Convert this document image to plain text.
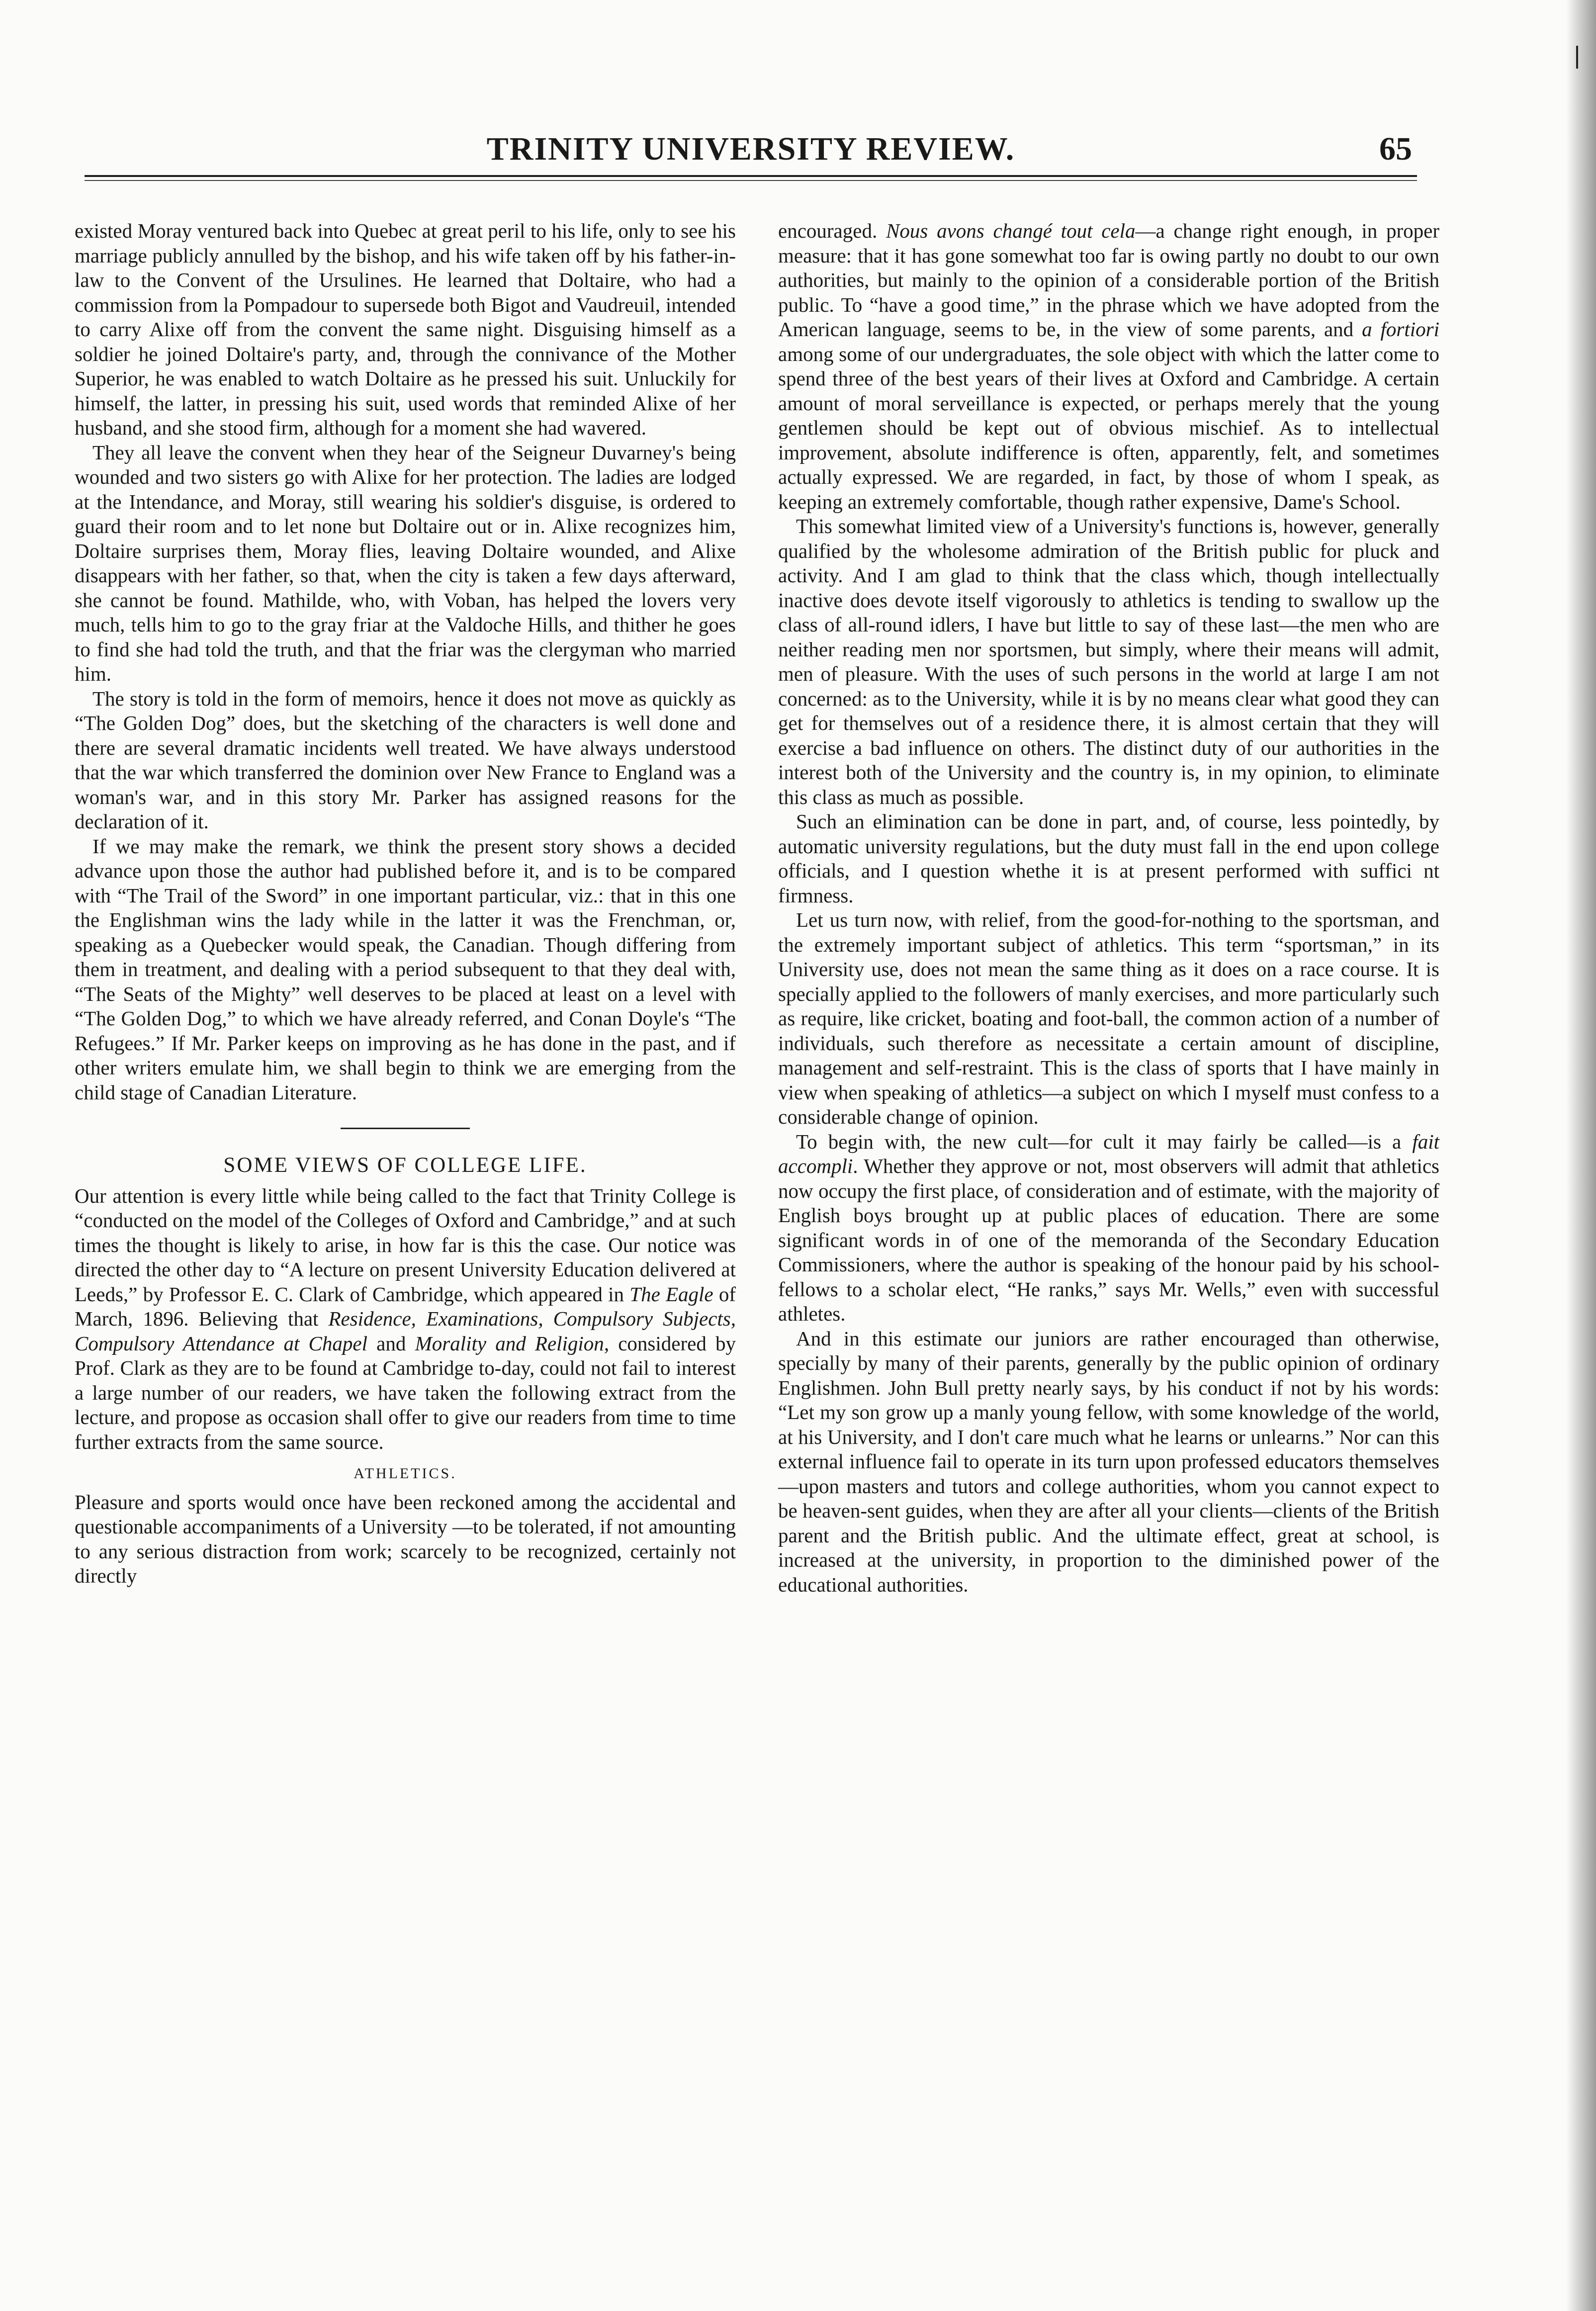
TRINITY UNIVERSITY REVIEW.	65

existed Moray ventured back into Quebec at great peril to his life, only to see his marriage publicly annulled by the bishop, and his wife taken off by his father-in-law to the Convent of the Ursulines. He learned that Doltaire, who had a commission from la Pompadour to supersede both Bigot and Vaudreuil, intended to carry Alixe off from the convent the same night. Disguising himself as a soldier he joined Doltaire's party, and, through the connivance of the Mother Superior, he was enabled to watch Doltaire as he pressed his suit. Unluckily for himself, the latter, in pressing his suit, used words that reminded Alixe of her husband, and she stood firm, although for a moment she had wavered.

They all leave the convent when they hear of the Seigneur Duvarney's being wounded and two sisters go with Alixe for her protection. The ladies are lodged at the Intendance, and Moray, still wearing his soldier's disguise, is ordered to guard their room and to let none but Doltaire out or in. Alixe recognizes him, Doltaire surprises them, Moray flies, leaving Doltaire wounded, and Alixe disappears with her father, so that, when the city is taken a few days afterward, she cannot be found. Mathilde, who, with Voban, has helped the lovers very much, tells him to go to the gray friar at the Valdoche Hills, and thither he goes to find she had told the truth, and that the friar was the clergyman who married him.

The story is told in the form of memoirs, hence it does not move as quickly as “The Golden Dog” does, but the sketching of the characters is well done and there are several dramatic incidents well treated. We have always understood that the war which transferred the dominion over New France to England was a woman's war, and in this story Mr. Parker has assigned reasons for the declaration of it.

If we may make the remark, we think the present story shows a decided advance upon those the author had published before it, and is to be compared with “The Trail of the Sword” in one important particular, viz.: that in this one the Englishman wins the lady while in the latter it was the Frenchman, or, speaking as a Quebecker would speak, the Canadian. Though differing from them in treatment, and dealing with a period subsequent to that they deal with, “The Seats of the Mighty” well deserves to be placed at least on a level with “The Golden Dog,” to which we have already referred, and Conan Doyle's “The Refugees.” If Mr. Parker keeps on improving as he has done in the past, and if other writers emulate him, we shall begin to think we are emerging from the child stage of Canadian Literature.

SOME VIEWS OF COLLEGE LIFE.

Our attention is every little while being called to the fact that Trinity College is “conducted on the model of the Colleges of Oxford and Cambridge,” and at such times the thought is likely to arise, in how far is this the case. Our notice was directed the other day to “A lecture on present University Education delivered at Leeds,” by Professor E. C. Clark of Cambridge, which appeared in The Eagle of March, 1896. Believing that Residence, Examinations, Compulsory Subjects, Compulsory Attendance at Chapel and Morality and Religion, considered by Prof. Clark as they are to be found at Cambridge to-day, could not fail to interest a large number of our readers, we have taken the following extract from the lecture, and propose as occasion shall offer to give our readers from time to time further extracts from the same source.

ATHLETICS.

Pleasure and sports would once have been reckoned among the accidental and questionable accompaniments of a University —to be tolerated, if not amounting to any serious distraction from work; scarcely to be recognized, certainly not directly

encouraged. Nous avons changé tout cela—a change right enough, in proper measure: that it has gone somewhat too far is owing partly no doubt to our own authorities, but mainly to the opinion of a considerable portion of the British public. To “have a good time,” in the phrase which we have adopted from the American language, seems to be, in the view of some parents, and a fortiori among some of our undergraduates, the sole object with which the latter come to spend three of the best years of their lives at Oxford and Cambridge. A certain amount of moral serveillance is expected, or perhaps merely that the young gentlemen should be kept out of obvious mischief. As to intellectual improvement, absolute indifference is often, apparently, felt, and sometimes actually expressed. We are regarded, in fact, by those of whom I speak, as keeping an extremely comfortable, though rather expensive, Dame's School.

This somewhat limited view of a University's functions is, however, generally qualified by the wholesome admiration of the British public for pluck and activity. And I am glad to think that the class which, though intellectually inactive does devote itself vigorously to athletics is tending to swallow up the class of all-round idlers, I have but little to say of these last—the men who are neither reading men nor sportsmen, but simply, where their means will admit, men of pleasure. With the uses of such persons in the world at large I am not concerned: as to the University, while it is by no means clear what good they can get for themselves out of a residence there, it is almost certain that they will exercise a bad influence on others. The distinct duty of our authorities in the interest both of the University and the country is, in my opinion, to eliminate this class as much as possible.

Such an elimination can be done in part, and, of course, less pointedly, by automatic university regulations, but the duty must fall in the end upon college officials, and I question whethe it is at present performed with suffici nt firmness.

Let us turn now, with relief, from the good-for-nothing to the sportsman, and the extremely important subject of athletics. This term “sportsman,” in its University use, does not mean the same thing as it does on a race course. It is specially applied to the followers of manly exercises, and more particularly such as require, like cricket, boating and foot-ball, the common action of a number of individuals, such therefore as necessitate a certain amount of discipline, management and self-restraint. This is the class of sports that I have mainly in view when speaking of athletics—a subject on which I myself must confess to a considerable change of opinion.

To begin with, the new cult—for cult it may fairly be called—is a fait accompli. Whether they approve or not, most observers will admit that athletics now occupy the first place, of consideration and of estimate, with the majority of English boys brought up at public places of education. There are some significant words in of one of the memoranda of the Secondary Education Commissioners, where the author is speaking of the honour paid by his school-fellows to a scholar elect, “He ranks,” says Mr. Wells,” even with successful athletes.

And in this estimate our juniors are rather encouraged than otherwise, specially by many of their parents, generally by the public opinion of ordinary Englishmen. John Bull pretty nearly says, by his conduct if not by his words: “Let my son grow up a manly young fellow, with some knowledge of the world, at his University, and I don't care much what he learns or unlearns.” Nor can this external influence fail to operate in its turn upon professed educators themselves—upon masters and tutors and college authorities, whom you cannot expect to be heaven-sent guides, when they are after all your clients—clients of the British parent and the British public. And the ultimate effect, great at school, is increased at the university, in proportion to the diminished power of the educational authorities.
